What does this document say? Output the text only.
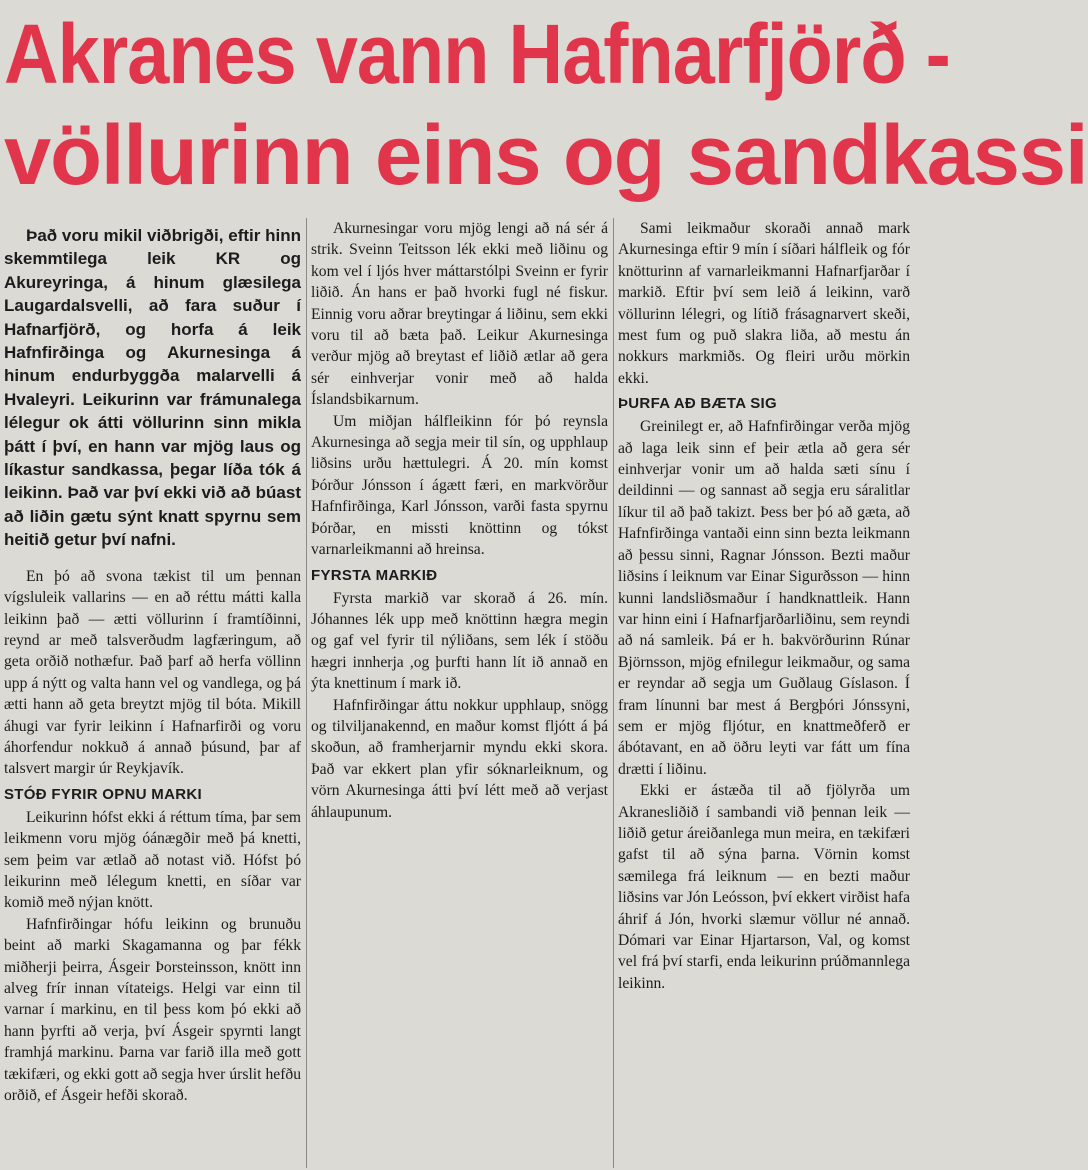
Akranes vann Hafnarfjörð -
völlurinn eins og sandkassi

Það voru mikil viðbrigði, eftir hinn skemmtilega leik KR og Akureyringa, á hinum glæsilega Laugardalsvelli, að fara suður í Hafnarfjörð, og horfa á leik Hafnfirðinga og Akurnesinga á hinum endurbyggða malarvelli á Hvaleyri. Leikurinn var frámunalega lélegur ok átti völlurinn sinn mikla þátt í því, en hann var mjög laus og líkastur sandkassa, þegar líða tók á leikinn. Það var því ekki við að búast að liðin gætu sýnt knatt spyrnu sem heitið getur því nafni.

En þó að svona tækist til um þennan vígsluleik vallarins — en að réttu mátti kalla leikinn það — ætti völlurinn í framtíðinni, reynd ar með talsverðudm lagfæringum, að geta orðið nothæfur. Það þarf að herfa völlinn upp á nýtt og valta hann vel og vandlega, og þá ætti hann að geta breytzt mjög til bóta. Mikill áhugi var fyrir leikinn í Hafnarfirði og voru áhorfendur nokkuð á annað þúsund, þar af talsvert margir úr Reykjavík.

STÓÐ FYRIR OPNU MARKI

Leikurinn hófst ekki á réttum tíma, þar sem leikmenn voru mjög óánægðir með þá knetti, sem þeim var ætlað að notast við. Hófst þó leikurinn með lélegum knetti, en síðar var komið með nýjan knött.

Hafnfirðingar hófu leikinn og brunuðu beint að marki Skagamanna og þar fékk miðherji þeirra, Ásgeir Þorsteinsson, knött inn alveg frír innan vítateigs. Helgi var einn til varnar í markinu, en til þess kom þó ekki að hann þyrfti að verja, því Ásgeir spyrnti langt framhjá markinu. Þarna var farið illa með gott tækifæri, og ekki gott að segja hver úrslit hefðu orðið, ef Ásgeir hefði skorað.

Akurnesingar voru mjög lengi að ná sér á strik. Sveinn Teitsson lék ekki með liðinu og kom vel í ljós hver máttarstólpi Sveinn er fyrir liðið. Án hans er það hvorki fugl né fiskur. Einnig voru aðrar breytingar á liðinu, sem ekki voru til að bæta það. Leikur Akurnesinga verður mjög að breytast ef liðið ætlar að gera sér einhverjar vonir með að halda Íslandsbikarnum.

Um miðjan hálfleikinn fór þó reynsla Akurnesinga að segja meir til sín, og upphlaup liðsins urðu hættulegri. Á 20. mín komst Þórður Jónsson í ágætt færi, en markvörður Hafnfirðinga, Karl Jónsson, varði fasta spyrnu Þórðar, en missti knöttinn og tókst varnarleikmanni að hreinsa.

FYRSTA MARKIÐ

Fyrsta markið var skorað á 26. mín. Jóhannes lék upp með knöttinn hægra megin og gaf vel fyrir til nýliðans, sem lék í stöðu hægri innherja ,og þurfti hann lít ið annað en ýta knettinum í mark ið.

Hafnfirðingar áttu nokkur upphlaup, snögg og tilviljanakennd, en maður komst fljótt á þá skoðun, að framherjarnir myndu ekki skora. Það var ekkert plan yfir sóknarleiknum, og vörn Akurnesinga átti því létt með að verjast áhlaupunum.

Sami leikmaður skoraði annað mark Akurnesinga eftir 9 mín í síðari hálfleik og fór knötturinn af varnarleikmanni Hafnarfjarðar í markið. Eftir því sem leið á leikinn, varð völlurinn lélegri, og lítið frásagnarvert skeði, mest fum og puð slakra liða, að mestu án nokkurs markmiðs. Og fleiri urðu mörkin ekki.

ÞURFA AÐ BÆTA SIG

Greinilegt er, að Hafnfirðingar verða mjög að laga leik sinn ef þeir ætla að gera sér einhverjar vonir um að halda sæti sínu í deildinni — og sannast að segja eru sáralitlar líkur til að það takizt. Þess ber þó að gæta, að Hafnfirðinga vantaði einn sinn bezta leikmann að þessu sinni, Ragnar Jónsson. Bezti maður liðsins í leiknum var Einar Sigurðsson — hinn kunni landsliðsmaður í handknattleik. Hann var hinn eini í Hafnarfjarðarliðinu, sem reyndi að ná samleik. Þá er h. bakvörðurinn Rúnar Björnsson, mjög efnilegur leikmaður, og sama er reyndar að segja um Guðlaug Gíslason. Í fram línunni bar mest á Bergþóri Jónssyni, sem er mjög fljótur, en knattmeðferð er ábótavant, en að öðru leyti var fátt um fína drætti í liðinu.

Ekki er ástæða til að fjölyrða um Akranesliðið í sambandi við þennan leik — liðið getur áreiðanlega mun meira, en tækifæri gafst til að sýna þarna. Vörnin komst sæmilega frá leiknum — en bezti maður liðsins var Jón Leósson, því ekkert virðist hafa áhrif á Jón, hvorki slæmur völlur né annað. Dómari var Einar Hjartarson, Val, og komst vel frá því starfi, enda leikurinn prúðmannlega leikinn.
